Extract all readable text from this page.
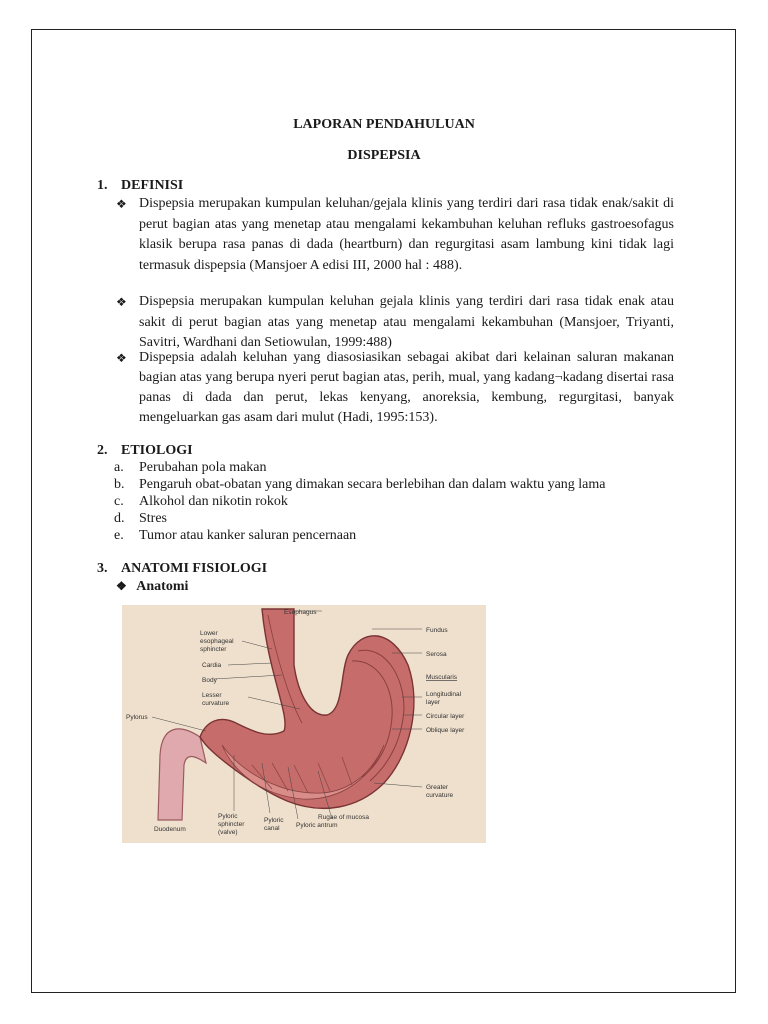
LAPORAN PENDAHULUAN
DISPEPSIA
1. DEFINISI
❖ Dispepsia merupakan kumpulan keluhan/gejala klinis yang terdiri dari rasa tidak enak/sakit di perut bagian atas yang menetap atau mengalami kekambuhan keluhan refluks gastroesofagus klasik berupa rasa panas di dada (heartburn) dan regurgitasi asam lambung kini tidak lagi termasuk dispepsia (Mansjoer A edisi III, 2000 hal : 488).
❖ Dispepsia merupakan kumpulan keluhan gejala klinis yang terdiri dari rasa tidak enak atau sakit di perut bagian atas yang menetap atau mengalami kekambuhan (Mansjoer, Triyanti, Savitri, Wardhani dan Setiowulan, 1999:488)
❖ Dispepsia adalah keluhan yang diasosiasikan sebagai akibat dari kelainan saluran makanan bagian atas yang berupa nyeri perut bagian atas, perih, mual, yang kadang¬kadang disertai rasa panas di dada dan perut, lekas kenyang, anoreksia, kembung, regurgitasi, banyak mengeluarkan gas asam dari mulut (Hadi, 1995:153).
2. ETIOLOGI
a. Perubahan pola makan
b. Pengaruh obat-obatan yang dimakan secara berlebihan dan dalam waktu yang lama
c. Alkohol dan nikotin rokok
d. Stres
e. Tumor atau kanker saluran pencernaan
3. ANATOMI FISIOLOGI
❖ Anatomi
Esophagus
Lower
esophageal
sphincter
Cardia
Body
Lesser
curvature
Pylorus
Duodenum
Pyloric
sphincter
(valve)
Pyloric
canal	Pyloric antrum
Rugae of mucosa
Fundus
Serosa
Muscularis
Longitudinal
layer
Circular layer
Oblique layer
Greater
curvature
